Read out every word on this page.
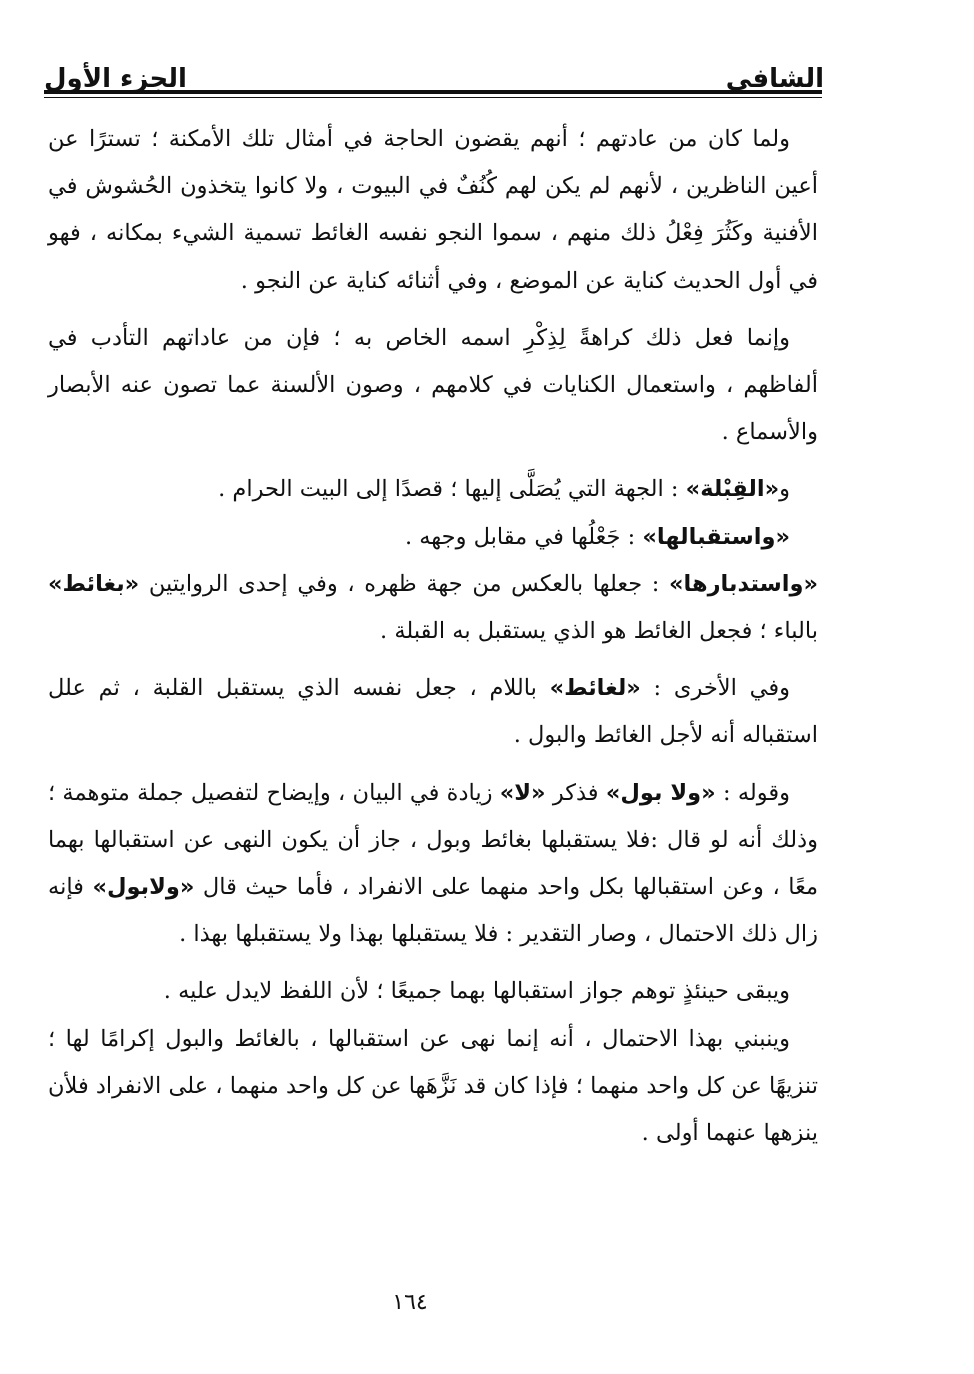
الشافي
الجزء الأول

ولما كان من عادتهم ؛ أنهم يقضون الحاجة في أمثال تلك الأمكنة ؛ تسترًا عن أعين الناظرين ، لأنهم لم يكن لهم كُنُفٌ في البيوت ، ولا كانوا يتخذون الحُشوش في الأفنية وكَثُرَ فِعْلُ ذلك منهم ، سموا النجو نفسه الغائط تسمية الشيء بمكانه ، فهو في أول الحديث كناية عن الموضع ، وفي أثنائه كناية عن النجو .

وإنما فعل ذلك كراهةً لِذِكْرِ اسمه الخاص به ؛ فإن من عاداتهم التأدب في ألفاظهم ، واستعمال الكنايات في كلامهم ، وصون الألسنة عما تصون عنه الأبصار والأسماع .

و«القِبْلة» : الجهة التي يُصَلَّى إليها ؛ قصدًا إلى البيت الحرام .

«واستقبالها» : جَعْلُها في مقابل وجهه .

«واستدبارها» : جعلها بالعكس من جهة ظهره ، وفي إحدى الروايتين «بغائط» بالباء ؛ فجعل الغائط هو الذي يستقبل به القبلة .

وفي الأخرى : «لغائط» باللام ، جعل نفسه الذي يستقبل القلبة ، ثم علل استقباله أنه لأجل الغائط والبول .

وقوله : «ولا بول» فذكر «لا» زيادة في البيان ، وإيضاح لتفصيل جملة متوهمة ؛ وذلك أنه لو قال :فلا يستقبلها بغائط وبول ، جاز أن يكون النهى عن استقبالها بهما معًا ، وعن استقبالها بكل واحد منهما على الانفراد ، فأما حيث قال «ولابول» فإنه زال ذلك الاحتمال ، وصار التقدير : فلا يستقبلها بهذا ولا يستقبلها بهذا .

ويبقى حينئذٍ توهم جواز استقبالها بهما جميعًا ؛ لأن اللفظ لايدل عليه .

وينبني بهذا الاحتمال ، أنه إنما نهى عن استقبالها ، بالغائط والبول إكرامًا لها ؛ تنزيهًا عن كل واحد منهما ؛ فإذا كان قد نَزَّهَها عن كل واحد منهما ، على الانفراد فلأن ينزهها عنهما أولى .

١٦٤
